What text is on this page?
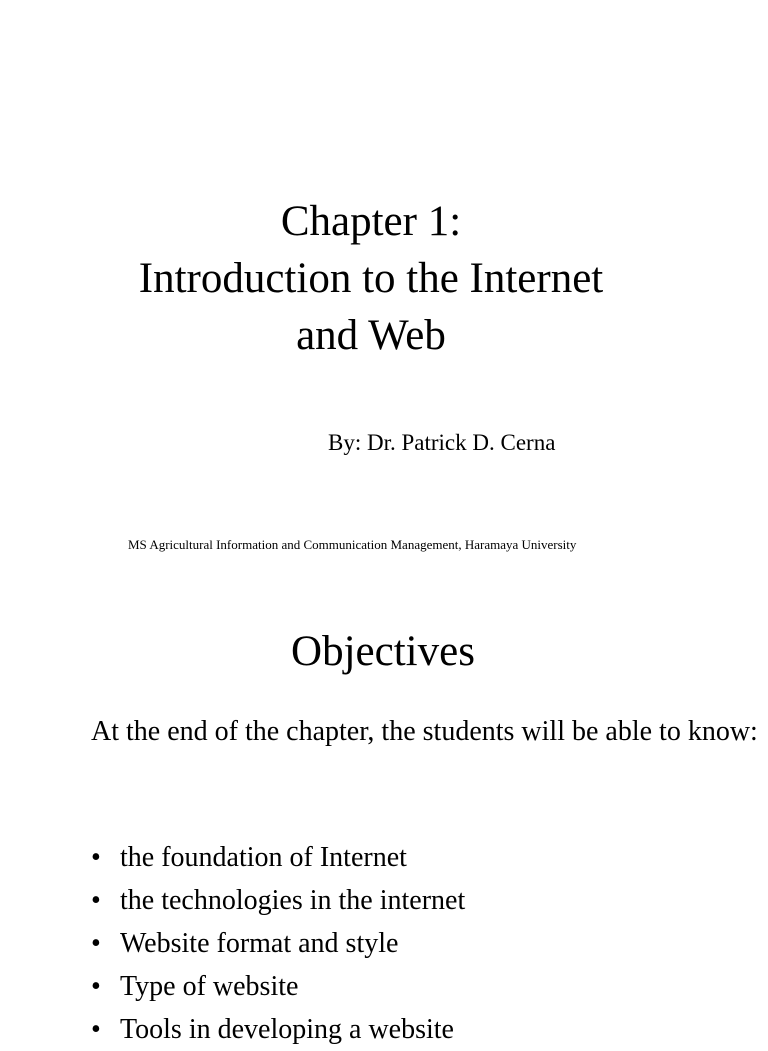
Chapter 1:
Introduction to the Internet
and Web
By: Dr. Patrick D. Cerna
MS Agricultural Information and Communication Management, Haramaya University
Objectives
At the end of the chapter, the students will be able to know:
• the foundation of Internet
• the technologies in the internet
• Website format and style
• Type of website
• Tools in developing a website
